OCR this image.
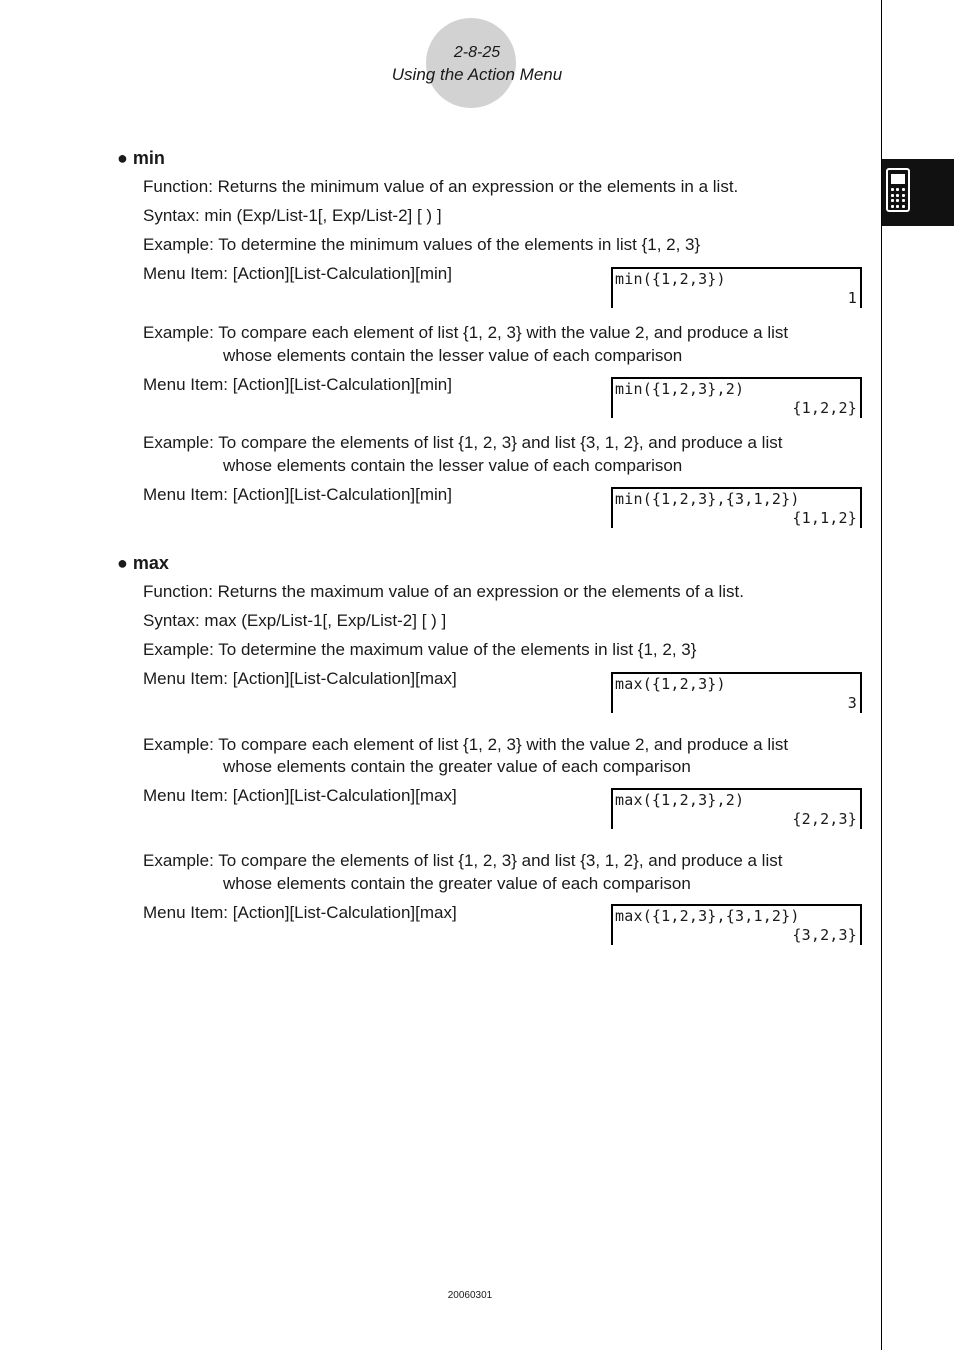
2-8-25
Using the Action Menu
● min
Function: Returns the minimum value of an expression or the elements in a list.
Syntax: min (Exp/List-1[, Exp/List-2] [ ) ]
Example: To determine the minimum values of the elements in list {1, 2, 3}
Menu Item: [Action][List-Calculation][min]	min({1,2,3})
1
Example: To compare each element of list {1, 2, 3} with the value 2, and produce a list
whose elements contain the lesser value of each comparison
Menu Item: [Action][List-Calculation][min]	min({1,2,3},2)
{1,2,2}
Example: To compare the elements of list {1, 2, 3} and list {3, 1, 2}, and produce a list
whose elements contain the lesser value of each comparison
Menu Item: [Action][List-Calculation][min]	min({1,2,3},{3,1,2})
{1,1,2}
● max
Function: Returns the maximum value of an expression or the elements of a list.
Syntax: max (Exp/List-1[, Exp/List-2] [ ) ]
Example: To determine the maximum value of the elements in list {1, 2, 3}
Menu Item: [Action][List-Calculation][max]	max({1,2,3})
3
Example: To compare each element of list {1, 2, 3} with the value 2, and produce a list
whose elements contain the greater value of each comparison
Menu Item: [Action][List-Calculation][max]	max({1,2,3},2)
{2,2,3}
Example: To compare the elements of list {1, 2, 3} and list {3, 1, 2}, and produce a list
whose elements contain the greater value of each comparison
Menu Item: [Action][List-Calculation][max]	max({1,2,3},{3,1,2})
{3,2,3}
20060301
